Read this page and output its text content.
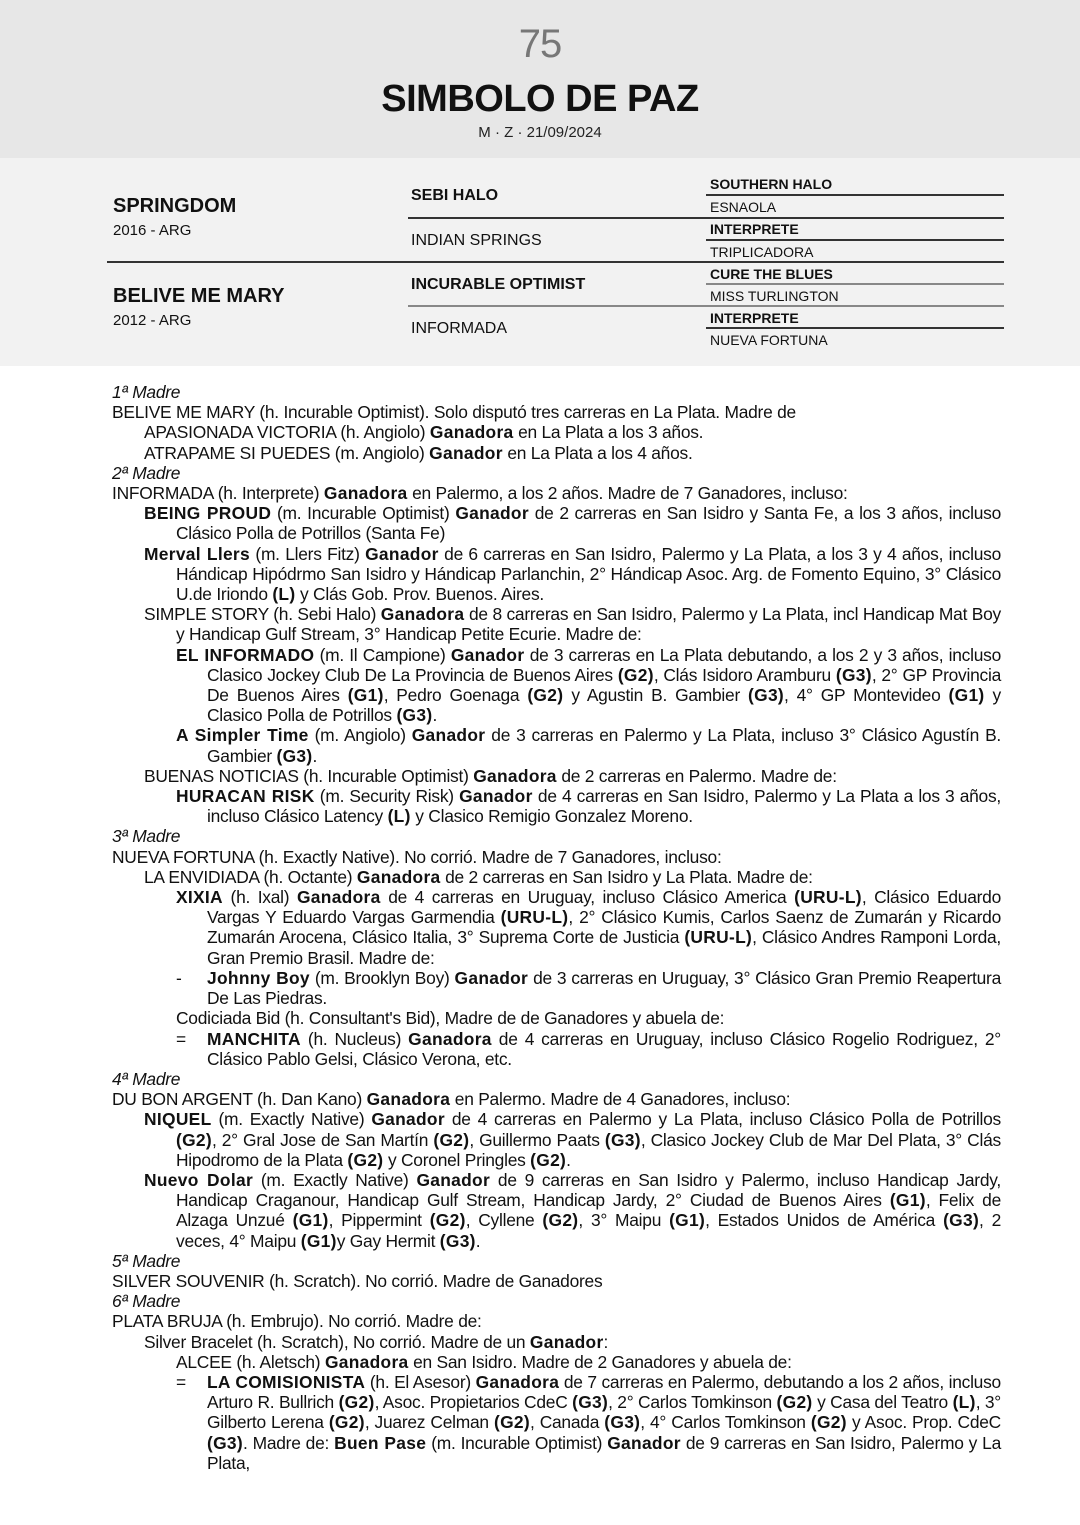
75
SIMBOLO DE PAZ
M · Z · 21/09/2024
SPRINGDOM
2016 - ARG
SEBI HALO
INDIAN SPRINGS
SOUTHERN HALO
ESNAOLA
INTERPRETE
TRIPLICADORA
BELIVE ME MARY
2012 - ARG
INCURABLE OPTIMIST
INFORMADA
CURE THE BLUES
MISS TURLINGTON
INTERPRETE
NUEVA FORTUNA
1ª Madre
BELIVE ME MARY (h. Incurable Optimist). Solo disputó tres carreras en La Plata. Madre de
APASIONADA VICTORIA (h. Angiolo) Ganadora en La Plata a los 3 años.
ATRAPAME SI PUEDES (m. Angiolo) Ganador en La Plata a los 4 años.
2ª Madre
INFORMADA (h. Interprete) Ganadora en Palermo, a los 2 años. Madre de 7 Ganadores, incluso:
BEING PROUD (m. Incurable Optimist) Ganador de 2 carreras en San Isidro y Santa Fe, a los 3 años, incluso Clásico Polla de Potrillos (Santa Fe)
Merval Llers (m. Llers Fitz) Ganador de 6 carreras en San Isidro, Palermo y La Plata, a los 3 y 4 años, incluso Hándicap Hipódrmo San Isidro y Hándicap Parlanchin, 2° Hándicap Asoc. Arg. de Fomento Equino, 3° Clásico U.de Iriondo (L) y Clás Gob. Prov. Buenos. Aires.
SIMPLE STORY (h. Sebi Halo) Ganadora de 8 carreras en San Isidro, Palermo y La Plata, incl Handicap Mat Boy y Handicap Gulf Stream, 3° Handicap Petite Ecurie. Madre de:
EL INFORMADO (m. Il Campione) Ganador de 3 carreras en La Plata debutando, a los 2 y 3 años, incluso Clasico Jockey Club De La Provincia de Buenos Aires (G2), Clás Isidoro Aramburu (G3), 2° GP Provincia De Buenos Aires (G1), Pedro Goenaga (G2) y Agustin B. Gambier (G3), 4° GP Montevideo (G1) y Clasico Polla de Potrillos (G3).
A Simpler Time (m. Angiolo) Ganador de 3 carreras en Palermo y La Plata, incluso 3° Clásico Agustín B. Gambier (G3).
BUENAS NOTICIAS (h. Incurable Optimist) Ganadora de 2 carreras en Palermo. Madre de:
HURACAN RISK (m. Security Risk) Ganador de 4 carreras en San Isidro, Palermo y La Plata a los 3 años, incluso Clásico Latency (L) y Clasico Remigio Gonzalez Moreno.
3ª Madre
NUEVA FORTUNA (h. Exactly Native). No corrió. Madre de 7 Ganadores, incluso:
LA ENVIDIADA (h. Octante) Ganadora de 2 carreras en San Isidro y La Plata. Madre de:
XIXIA (h. Ixal) Ganadora de 4 carreras en Uruguay, incluso Clásico America (URU-L), Clásico Eduardo Vargas Y Eduardo Vargas Garmendia (URU-L), 2° Clásico Kumis, Carlos Saenz de Zumarán y Ricardo Zumarán Arocena, Clásico Italia, 3° Suprema Corte de Justicia (URU-L), Clásico Andres Ramponi Lorda, Gran Premio Brasil. Madre de:
- Johnny Boy (m. Brooklyn Boy) Ganador de 3 carreras en Uruguay, 3° Clásico Gran Premio Reapertura De Las Piedras.
Codiciada Bid (h. Consultant's Bid), Madre de de Ganadores y abuela de:
= MANCHITA (h. Nucleus) Ganadora de 4 carreras en Uruguay, incluso Clásico Rogelio Rodriguez, 2° Clásico Pablo Gelsi, Clásico Verona, etc.
4ª Madre
DU BON ARGENT (h. Dan Kano) Ganadora en Palermo. Madre de 4 Ganadores, incluso:
NIQUEL (m. Exactly Native) Ganador de 4 carreras en Palermo y La Plata, incluso Clásico Polla de Potrillos (G2), 2° Gral Jose de San Martín (G2), Guillermo Paats (G3), Clasico Jockey Club de Mar Del Plata, 3° Clás Hipodromo de la Plata (G2) y Coronel Pringles (G2).
Nuevo Dolar (m. Exactly Native) Ganador de 9 carreras en San Isidro y Palermo, incluso Handicap Jardy, Handicap Craganour, Handicap Gulf Stream, Handicap Jardy, 2° Ciudad de Buenos Aires (G1), Felix de Alzaga Unzué (G1), Pippermint (G2), Cyllene (G2), 3° Maipu (G1), Estados Unidos de América (G3), 2 veces, 4° Maipu (G1)y Gay Hermit (G3).
5ª Madre
SILVER SOUVENIR (h. Scratch). No corrió. Madre de Ganadores
6ª Madre
PLATA BRUJA (h. Embrujo). No corrió. Madre de:
Silver Bracelet (h. Scratch), No corrió. Madre de un Ganador:
ALCEE (h. Aletsch) Ganadora en San Isidro. Madre de 2 Ganadores y abuela de:
= LA COMISIONISTA (h. El Asesor) Ganadora de 7 carreras en Palermo, debutando a los 2 años, incluso Arturo R. Bullrich (G2), Asoc. Propietarios CdeC (G3), 2° Carlos Tomkinson (G2) y Casa del Teatro (L), 3° Gilberto Lerena (G2), Juarez Celman (G2), Canada (G3), 4° Carlos Tomkinson (G2) y Asoc. Prop. CdeC (G3). Madre de: Buen Pase (m. Incurable Optimist) Ganador de 9 carreras en San Isidro, Palermo y La Plata,
